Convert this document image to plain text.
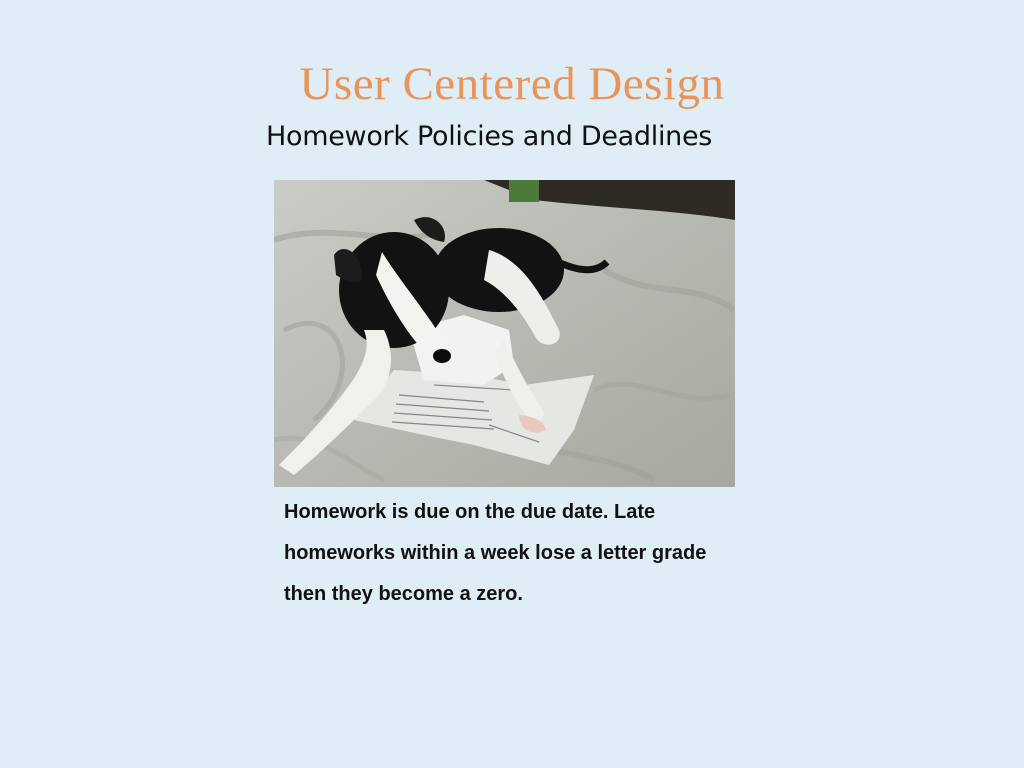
User Centered Design
Homework Policies and Deadlines

Homework is due on the due date. Late homeworks within a week lose a letter grade then they become a zero.
